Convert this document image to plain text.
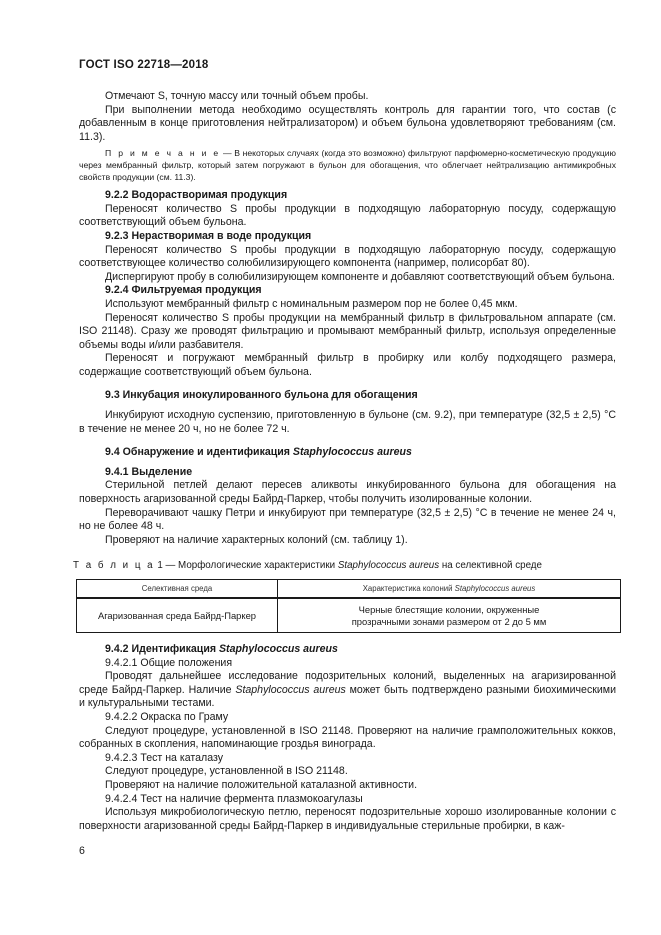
ГОСТ ISO 22718—2018

Отмечают S, точную массу или точный объем пробы.

При выполнении метода необходимо осуществлять контроль для гарантии того, что состав (с добавленным в конце приготовления нейтрализатором) и объем бульона удовлетворяют требованиям (см. 11.3).

П р и м е ч а н и е — В некоторых случаях (когда это возможно) фильтруют парфюмерно-косметическую продукцию через мембранный фильтр, который затем погружают в бульон для обогащения, что облегчает нейтрализацию антимикробных свойств продукции (см. 11.3).

9.2.2 Водорастворимая продукция

Переносят количество S пробы продукции в подходящую лабораторную посуду, содержащую соответствующий объем бульона.

9.2.3 Нерастворимая в воде продукция

Переносят количество S пробы продукции в подходящую лабораторную посуду, содержащую соответствующее количество солюбилизирующего компонента (например, полисорбат 80).

Диспергируют пробу в солюбилизирующем компоненте и добавляют соответствующий объем бульона.

9.2.4 Фильтруемая продукция

Используют мембранный фильтр с номинальным размером пор не более 0,45 мкм.

Переносят количество S пробы продукции на мембранный фильтр в фильтровальном аппарате (см. ISO 21148). Сразу же проводят фильтрацию и промывают мембранный фильтр, используя определенные объемы воды и/или разбавителя.

Переносят и погружают мембранный фильтр в пробирку или колбу подходящего размера, содержащие соответствующий объем бульона.

9.3 Инкубация инокулированного бульона для обогащения

Инкубируют исходную суспензию, приготовленную в бульоне (см. 9.2), при температуре (32,5 ± 2,5) °С в течение не менее 20 ч, но не более 72 ч.

9.4 Обнаружение и идентификация Staphylococcus aureus

9.4.1 Выделение

Стерильной петлей делают пересев аликвоты инкубированного бульона для обогащения на поверхность агаризованной среды Байрд-Паркер, чтобы получить изолированные колонии.

Переворачивают чашку Петри и инкубируют при температуре (32,5 ± 2,5) °С в течение не менее 24 ч, но не более 48 ч.

Проверяют на наличие характерных колоний (см. таблицу 1).

Т а б л и ц а 1 — Морфологические характеристики Staphylococcus aureus на селективной среде

Селективная среда	Характеристика колоний Staphylococcus aureus
Агаризованная среда Байрд-Паркер	Черные блестящие колонии, окруженные
прозрачными зонами размером от 2 до 5 мм

9.4.2 Идентификация Staphylococcus aureus

9.4.2.1 Общие положения

Проводят дальнейшее исследование подозрительных колоний, выделенных на агаризированной среде Байрд-Паркер. Наличие Staphylococcus aureus может быть подтверждено разными биохимическими и культуральными тестами.

9.4.2.2 Окраска по Граму

Следуют процедуре, установленной в ISO 21148. Проверяют на наличие грамположительных кокков, собранных в скопления, напоминающие гроздья винограда.

9.4.2.3 Тест на каталазу

Следуют процедуре, установленной в ISO 21148.

Проверяют на наличие положительной каталазной активности.

9.4.2.4 Тест на наличие фермента плазмокоагулазы

Используя микробиологическую петлю, переносят подозрительные хорошо изолированные колонии с поверхности агаризованной среды Байрд-Паркер в индивидуальные стерильные пробирки, в каж-

6
